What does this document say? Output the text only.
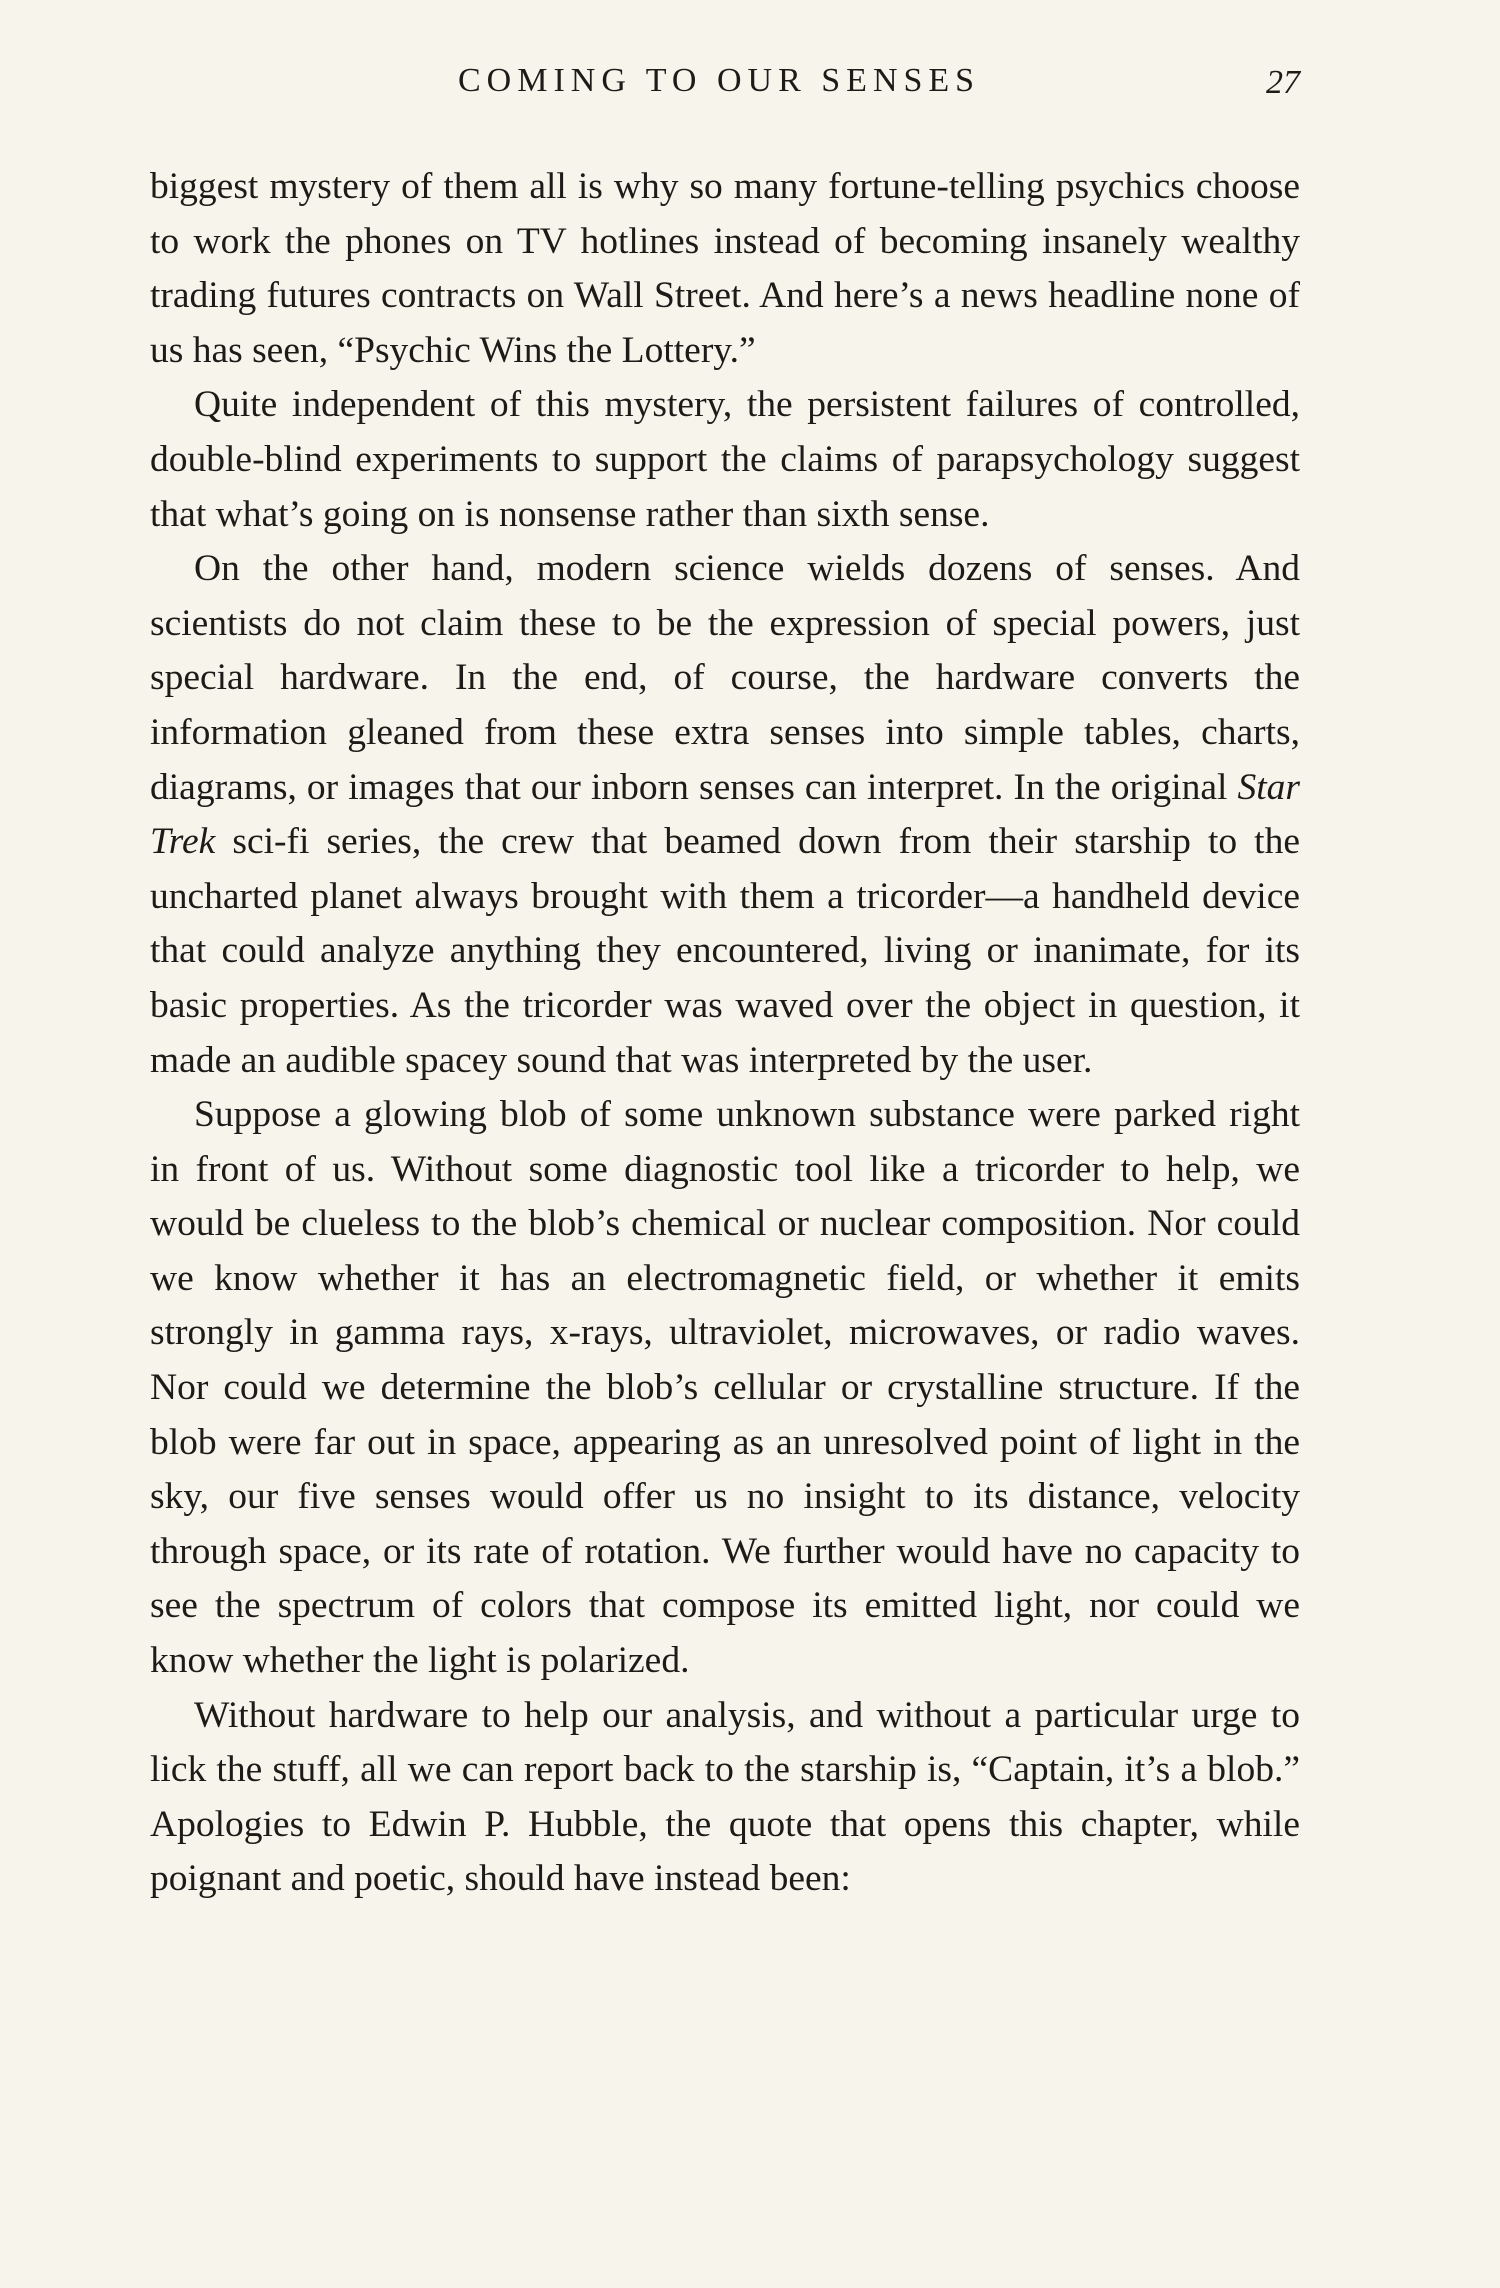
COMING TO OUR SENSES	27

biggest mystery of them all is why so many fortune-telling psychics choose to work the phones on TV hotlines instead of becoming insanely wealthy trading futures contracts on Wall Street. And here’s a news headline none of us has seen, “Psychic Wins the Lottery.”

Quite independent of this mystery, the persistent failures of controlled, double-blind experiments to support the claims of parapsychology suggest that what’s going on is nonsense rather than sixth sense.

On the other hand, modern science wields dozens of senses. And scientists do not claim these to be the expression of special powers, just special hardware. In the end, of course, the hardware converts the information gleaned from these extra senses into simple tables, charts, diagrams, or images that our inborn senses can interpret. In the original Star Trek sci-fi series, the crew that beamed down from their starship to the uncharted planet always brought with them a tricorder—a handheld device that could analyze anything they encountered, living or inanimate, for its basic properties. As the tricorder was waved over the object in question, it made an audible spacey sound that was interpreted by the user.

Suppose a glowing blob of some unknown substance were parked right in front of us. Without some diagnostic tool like a tricorder to help, we would be clueless to the blob’s chemical or nuclear composition. Nor could we know whether it has an electromagnetic field, or whether it emits strongly in gamma rays, x-rays, ultraviolet, microwaves, or radio waves. Nor could we determine the blob’s cellular or crystalline structure. If the blob were far out in space, appearing as an unresolved point of light in the sky, our five senses would offer us no insight to its distance, velocity through space, or its rate of rotation. We further would have no capacity to see the spectrum of colors that compose its emitted light, nor could we know whether the light is polarized.

Without hardware to help our analysis, and without a particular urge to lick the stuff, all we can report back to the starship is, “Captain, it’s a blob.” Apologies to Edwin P. Hubble, the quote that opens this chapter, while poignant and poetic, should have instead been:
